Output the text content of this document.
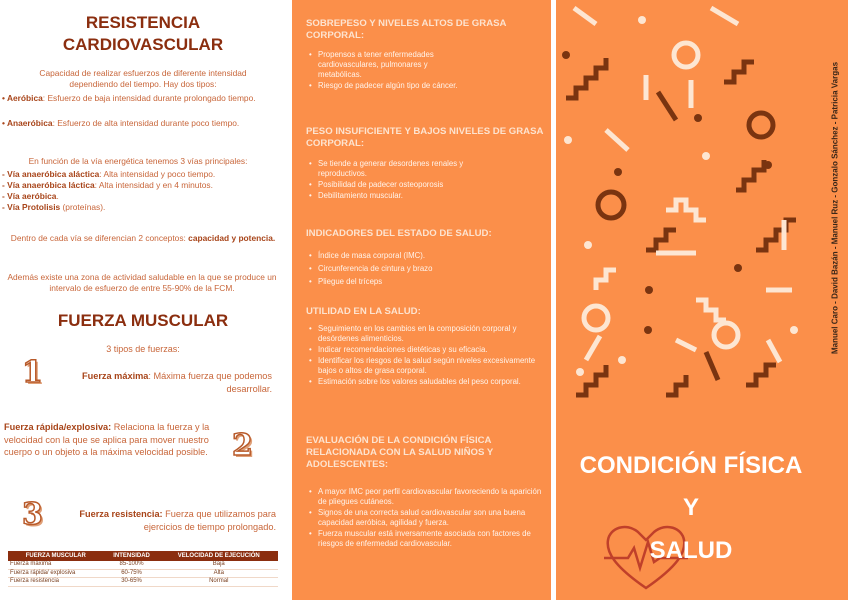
RESISTENCIA
CARDIOVASCULAR
Capacidad de realizar esfuerzos de diferente intensidad
dependiendo del tiempo. Hay dos tipos:
• Aeróbica: Esfuerzo de baja intensidad durante prolongado tiempo.
• Anaeróbica: Esfuerzo de alta intensidad durante poco tiempo.
En función de la vía energética tenemos 3 vías principales:
- Vía anaeróbica aláctica: Alta intensidad y poco tiempo.
- Vía anaeróbica láctica: Alta intensidad y en 4 minutos.
- Vía aeróbica.
- Vía Protolisis (proteínas).
Dentro de cada vía se diferencian 2 conceptos: capacidad y potencia.
Además existe una zona de actividad saludable en la que se produce un intervalo de esfuerzo de entre 55-90% de la FCM.
FUERZA MUSCULAR
3 tipos de fuerzas:
1	Fuerza máxima: Máxima fuerza que podemos desarrollar.
Fuerza rápida/explosiva: Relaciona la fuerza y la velocidad con la que se aplica para mover nuestro cuerpo o un objeto a la máxima velocidad posible. 2
3	Fuerza resistencia: Fuerza que utilizamos para ejercicios de tiempo prolongado.
FUERZA MUSCULAR	INTENSIDAD	VELOCIDAD DE EJECUCIÓN
Fuerza máxima	85-100%	Baja
Fuerza rápida/ explosiva	60-75%	Alta
Fuerza resistencia	30-65%	Normal
SOBREPESO Y NIVELES ALTOS DE GRASA CORPORAL:
• Propensos a tener enfermedades cardiovasculares, pulmonares y metabólicas.
• Riesgo de padecer algún tipo de cáncer.
PESO INSUFICIENTE Y BAJOS NIVELES DE GRASA CORPORAL:
• Se tiende a generar desordenes renales y reproductivos.
• Posibilidad de padecer osteoporosis
• Debilitamiento muscular.
INDICADORES DEL ESTADO DE SALUD:
• Índice de masa corporal (IMC).
• Circunferencia de cintura y brazo
• Pliegue del tríceps
UTILIDAD EN LA SALUD:
• Seguimiento en los cambios en la composición corporal y desórdenes alimenticios.
• Indicar recomendaciones dietéticas y su eficacia.
• Identificar los riesgos de la salud según niveles excesivamente bajos o altos de grasa corporal.
• Estimación sobre los valores saludables del peso corporal.
EVALUACIÓN DE LA CONDICIÓN FÍSICA RELACIONADA CON LA SALUD NIÑOS Y ADOLESCENTES:
• A mayor IMC peor perfil cardiovascular favoreciendo la aparición de pliegues cutáneos.
• Signos de una correcta salud cardiovascular son una buena capacidad aeróbica, agilidad y fuerza.
• Fuerza muscular está inversamente asociada con factores de riesgos de enfermedad cardiovascular.
Manuel Caro - David Bazán - Manuel Ruz - Gonzalo Sánchez - Patricia Vargas
CONDICIÓN FÍSICA
Y
SALUD
